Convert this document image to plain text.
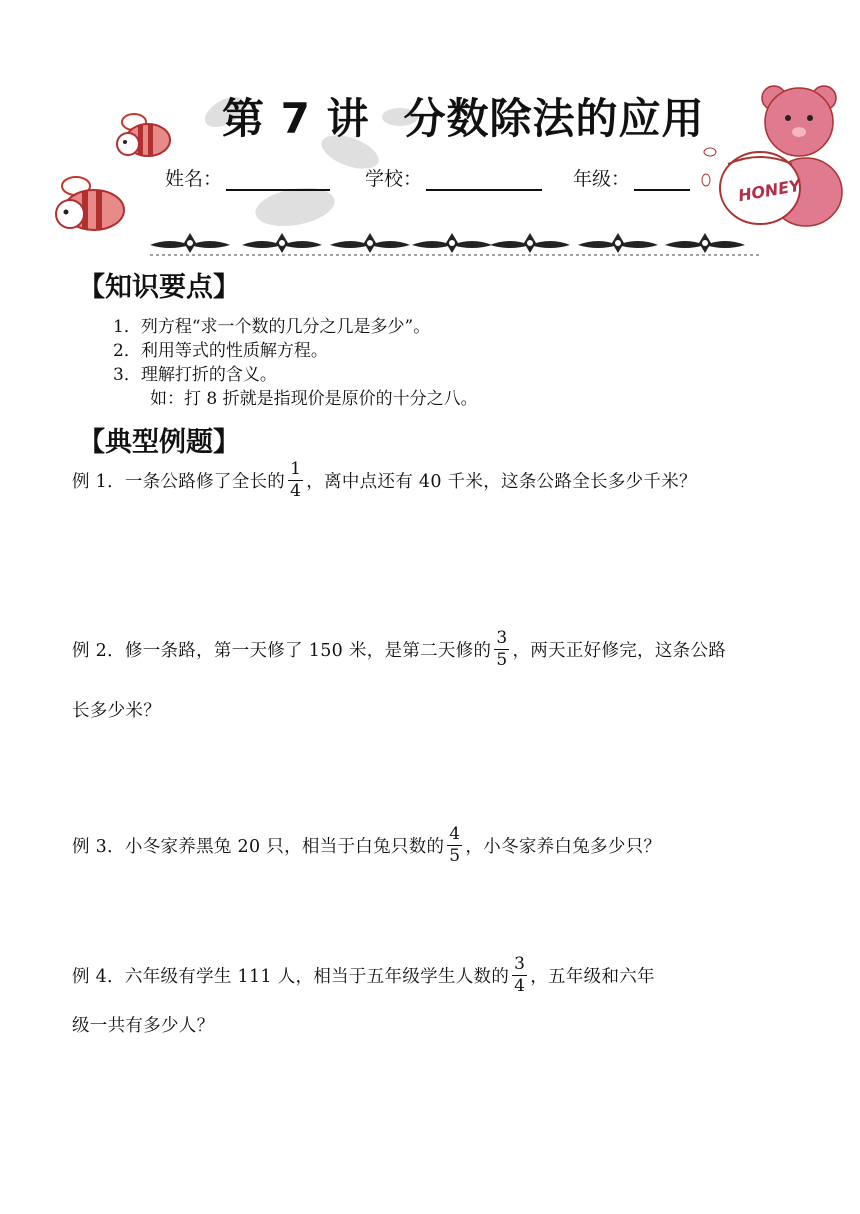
HONEY
第 7 讲 分数除法的应用
姓名：	学校：	年级：
【知识要点】
1．列方程“求一个数的几分之几是多少”。
2．利用等式的性质解方程。
3．理解打折的含义。
如：打 8 折就是指现价是原价的十分之八。
【典型例题】
例 1．一条公路修了全长的 $\frac{1}{4}$ ，离中点还有 40 千米，这条公路全长多少千米？
例 2．修一条路，第一天修了 150 米，是第二天修的 $\frac{3}{5}$ ，两天正好修完，这条公路
长多少米？
例 3．小冬家养黑兔 20 只，相当于白兔只数的 $\frac{4}{5}$ ，小冬家养白兔多少只？
例 4．六年级有学生 111 人，相当于五年级学生人数的 $\frac{3}{4}$ ，五年级和六年
级一共有多少人？
